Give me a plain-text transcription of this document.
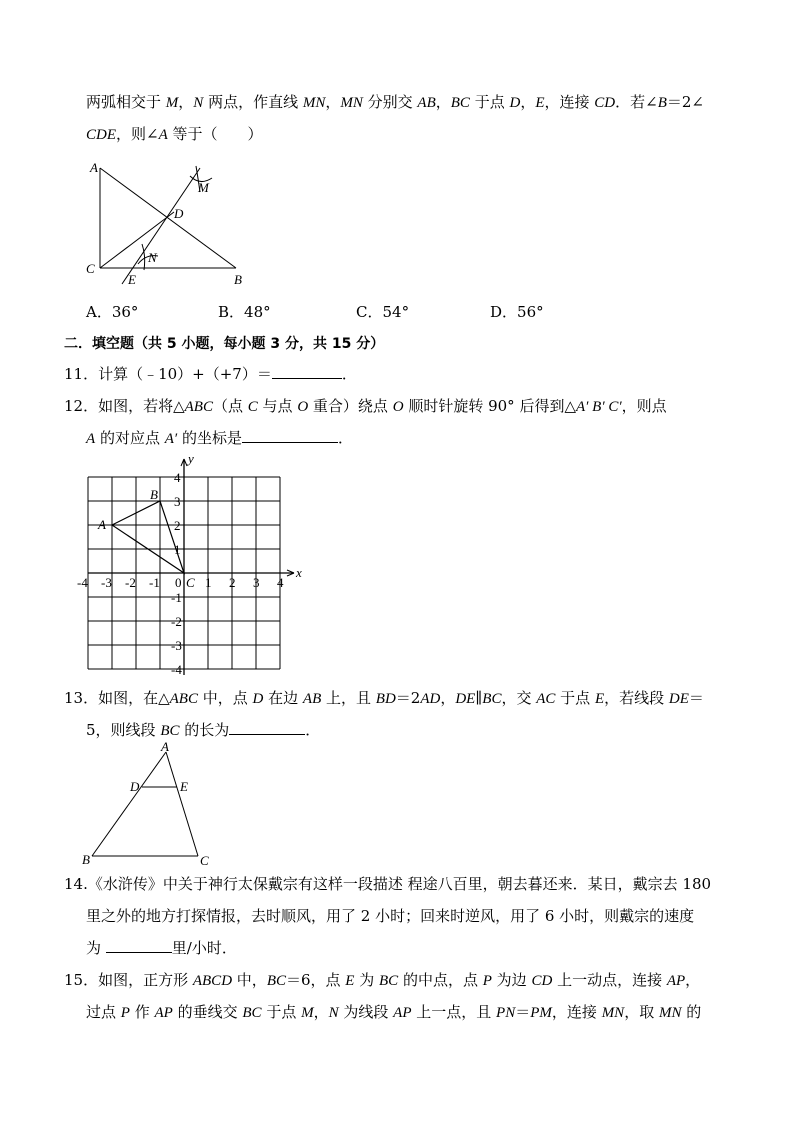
两弧相交于 M，N 两点，作直线 MN，MN 分别交 AB，BC 于点 D，E，连接 CD．若∠B＝2∠
CDE，则∠A 等于（　　）
A
C
B
D
M
N
E
A．36°	B．48°	C．54°	D．56°
二．填空题（共 5 小题，每小题 3 分，共 15 分）
11．计算（﹣10）+（+7）＝	．
12．如图，若将△ABC（点 C 与点 O 重合）绕点 O 顺时针旋转 90° 后得到△A′ B′ C′，则点
A 的对应点 A′ 的坐标是	．
-4 -3 -2 -1 0 1 2 3 4
4
3
2
1
-1
-2
-3
-4
x
y
A
B
C
13．如图，在△ABC 中，点 D 在边 AB 上，且 BD＝2AD，DE∥BC，交 AC 于点 E，若线段 DE＝
5，则线段 BC 的长为	．
A
D	E
B	C
14.《水浒传》中关于神行太保戴宗有这样一段描述 程途八百里，朝去暮还来．某日，戴宗去 180
里之外的地方打探情报，去时顺风，用了 2 小时；回来时逆风，用了 6 小时，则戴宗的速度
为	里/小时．
15．如图，正方形 ABCD 中，BC＝6，点 E 为 BC 的中点，点 P 为边 CD 上一动点，连接 AP，
过点 P 作 AP 的垂线交 BC 于点 M，N 为线段 AP 上一点，且 PN＝PM，连接 MN，取 MN 的
